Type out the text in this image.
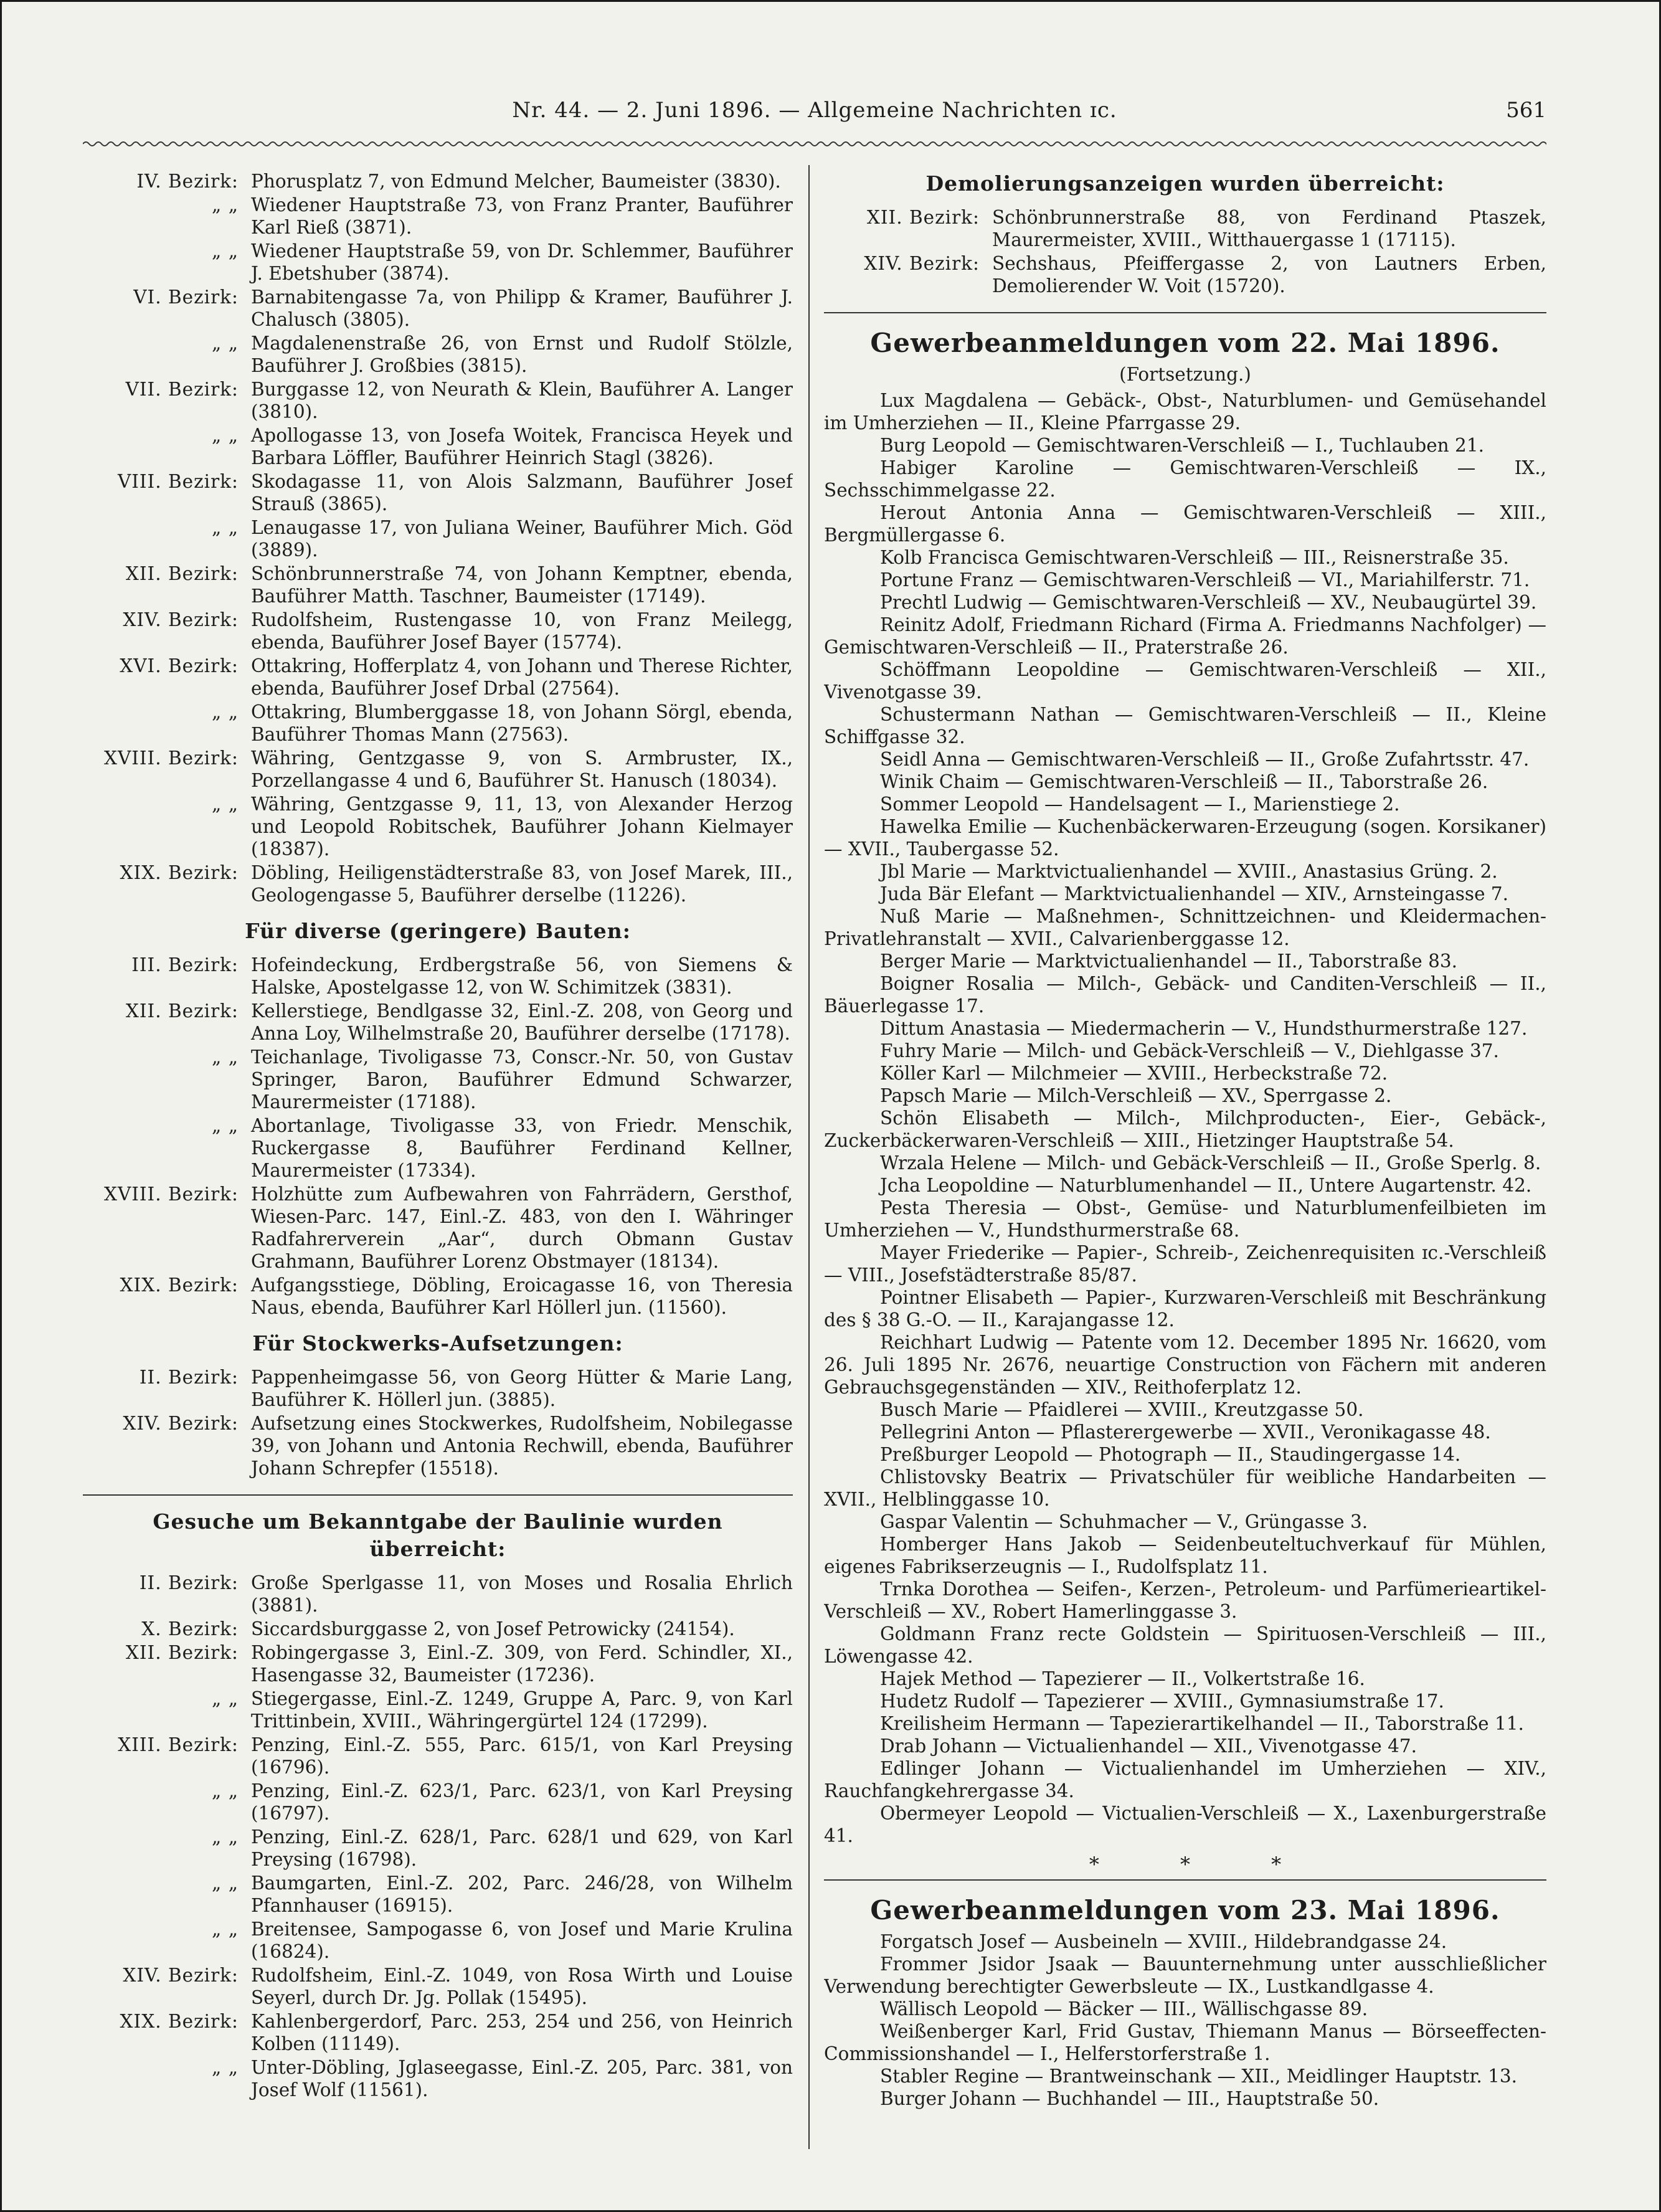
Nr. 44. — 2. Juni 1896. — Allgemeine Nachrichten ɪc.	561
IV. Bezirk: Phorusplatz 7, von Edmund Melcher, Baumeister (3830).
„ „ Wiedener Hauptstraße 73, von Franz Pranter, Bauführer Karl Rieß (3871).
„ „ Wiedener Hauptstraße 59, von Dr. Schlemmer, Bauführer J. Ebetshuber (3874).
VI. Bezirk: Barnabitengasse 7a, von Philipp & Kramer, Bauführer J. Chalusch (3805).
„ „ Magdalenenstraße 26, von Ernst und Rudolf Stölzle, Bauführer J. Großbies (3815).
VII. Bezirk: Burggasse 12, von Neurath & Klein, Bauführer A. Langer (3810).
„ „ Apollogasse 13, von Josefa Woitek, Francisca Heyek und Barbara Löffler, Bauführer Heinrich Stagl (3826).
VIII. Bezirk: Skodagasse 11, von Alois Salzmann, Bauführer Josef Strauß (3865).
„ „ Lenaugasse 17, von Juliana Weiner, Bauführer Mich. Göd (3889).
XII. Bezirk: Schönbrunnerstraße 74, von Johann Kemptner, ebenda, Bauführer Matth. Taschner, Baumeister (17149).
XIV. Bezirk: Rudolfsheim, Rustengasse 10, von Franz Meilegg, ebenda, Bauführer Josef Bayer (15774).
XVI. Bezirk: Ottakring, Hofferplatz 4, von Johann und Therese Richter, ebenda, Bauführer Josef Drbal (27564).
„ „ Ottakring, Blumberggasse 18, von Johann Sörgl, ebenda, Bauführer Thomas Mann (27563).
XVIII. Bezirk: Währing, Gentzgasse 9, von S. Armbruster, IX., Porzellangasse 4 und 6, Bauführer St. Hanusch (18034).
„ „ Währing, Gentzgasse 9, 11, 13, von Alexander Herzog und Leopold Robitschek, Bauführer Johann Kielmayer (18387).
XIX. Bezirk: Döbling, Heiligenstädterstraße 83, von Josef Marek, III., Geologengasse 5, Bauführer derselbe (11226).
Für diverse (geringere) Bauten:
III. Bezirk: Hofeindeckung, Erdbergstraße 56, von Siemens & Halske, Apostelgasse 12, von W. Schimitzek (3831).
XII. Bezirk: Kellerstiege, Bendlgasse 32, Einl.-Z. 208, von Georg und Anna Loy, Wilhelmstraße 20, Bauführer derselbe (17178).
„ „ Teichanlage, Tivoligasse 73, Conscr.-Nr. 50, von Gustav Springer, Baron, Bauführer Edmund Schwarzer, Maurermeister (17188).
„ „ Abortanlage, Tivoligasse 33, von Friedr. Menschik, Ruckergasse 8, Bauführer Ferdinand Kellner, Maurermeister (17334).
XVIII. Bezirk: Holzhütte zum Aufbewahren von Fahrrädern, Gersthof, Wiesen-Parc. 147, Einl.-Z. 483, von den I. Währinger Radfahrerverein „Aar“, durch Obmann Gustav Grahmann, Bauführer Lorenz Obstmayer (18134).
XIX. Bezirk: Aufgangsstiege, Döbling, Eroicagasse 16, von Theresia Naus, ebenda, Bauführer Karl Höllerl jun. (11560).
Für Stockwerks-Aufsetzungen:
II. Bezirk: Pappenheimgasse 56, von Georg Hütter & Marie Lang, Bauführer K. Höllerl jun. (3885).
XIV. Bezirk: Aufsetzung eines Stockwerkes, Rudolfsheim, Nobilegasse 39, von Johann und Antonia Rechwill, ebenda, Bauführer Johann Schrepfer (15518).
Gesuche um Bekanntgabe der Baulinie wurden überreicht:
II. Bezirk: Große Sperlgasse 11, von Moses und Rosalia Ehrlich (3881).
X. Bezirk: Siccardsburggasse 2, von Josef Petrowicky (24154).
XII. Bezirk: Robingergasse 3, Einl.-Z. 309, von Ferd. Schindler, XI., Hasengasse 32, Baumeister (17236).
„ „ Stiegergasse, Einl.-Z. 1249, Gruppe A, Parc. 9, von Karl Trittinbein, XVIII., Währingergürtel 124 (17299).
XIII. Bezirk: Penzing, Einl.-Z. 555, Parc. 615/1, von Karl Preysing (16796).
„ „ Penzing, Einl.-Z. 623/1, Parc. 623/1, von Karl Preysing (16797).
„ „ Penzing, Einl.-Z. 628/1, Parc. 628/1 und 629, von Karl Preysing (16798).
„ „ Baumgarten, Einl.-Z. 202, Parc. 246/28, von Wilhelm Pfannhauser (16915).
„ „ Breitensee, Sampogasse 6, von Josef und Marie Krulina (16824).
XIV. Bezirk: Rudolfsheim, Einl.-Z. 1049, von Rosa Wirth und Louise Seyerl, durch Dr. Jg. Pollak (15495).
XIX. Bezirk: Kahlenbergerdorf, Parc. 253, 254 und 256, von Heinrich Kolben (11149).
„ „ Unter-Döbling, Jglaseegasse, Einl.-Z. 205, Parc. 381, von Josef Wolf (11561).
Demolierungsanzeigen wurden überreicht:
XII. Bezirk: Schönbrunnerstraße 88, von Ferdinand Ptaszek, Maurermeister, XVIII., Witthauergasse 1 (17115).
XIV. Bezirk: Sechshaus, Pfeiffergasse 2, von Lautners Erben, Demolierender W. Voit (15720).
Gewerbeanmeldungen vom 22. Mai 1896.
(Fortsetzung.)

Lux Magdalena — Gebäck-, Obst-, Naturblumen- und Gemüsehandel im Umherziehen — II., Kleine Pfarrgasse 29.

Burg Leopold — Gemischtwaren-Verschleiß — I., Tuchlauben 21.

Habiger Karoline — Gemischtwaren-Verschleiß — IX., Sechsschimmelgasse 22.

Herout Antonia Anna — Gemischtwaren-Verschleiß — XIII., Bergmüllergasse 6.

Kolb Francisca Gemischtwaren-Verschleiß — III., Reisnerstraße 35.

Portune Franz — Gemischtwaren-Verschleiß — VI., Mariahilferstr. 71.

Prechtl Ludwig — Gemischtwaren-Verschleiß — XV., Neubaugürtel 39.

Reinitz Adolf, Friedmann Richard (Firma A. Friedmanns Nachfolger) — Gemischtwaren-Verschleiß — II., Praterstraße 26.

Schöffmann Leopoldine — Gemischtwaren-Verschleiß — XII., Vivenotgasse 39.

Schustermann Nathan — Gemischtwaren-Verschleiß — II., Kleine Schiffgasse 32.

Seidl Anna — Gemischtwaren-Verschleiß — II., Große Zufahrtsstr. 47.

Winik Chaim — Gemischtwaren-Verschleiß — II., Taborstraße 26.

Sommer Leopold — Handelsagent — I., Marienstiege 2.

Hawelka Emilie — Kuchenbäckerwaren-Erzeugung (sogen. Korsikaner) — XVII., Taubergasse 52.

Jbl Marie — Marktvictualienhandel — XVIII., Anastasius Grüng. 2.

Juda Bär Elefant — Marktvictualienhandel — XIV., Arnsteingasse 7.

Nuß Marie — Maßnehmen-, Schnittzeichnen- und Kleidermachen-Privatlehranstalt — XVII., Calvarienberggasse 12.

Berger Marie — Marktvictualienhandel — II., Taborstraße 83.

Boigner Rosalia — Milch-, Gebäck- und Canditen-Verschleiß — II., Bäuerlegasse 17.

Dittum Anastasia — Miedermacherin — V., Hundsthurmerstraße 127.

Fuhry Marie — Milch- und Gebäck-Verschleiß — V., Diehlgasse 37.

Köller Karl — Milchmeier — XVIII., Herbeckstraße 72.

Papsch Marie — Milch-Verschleiß — XV., Sperrgasse 2.

Schön Elisabeth — Milch-, Milchproducten-, Eier-, Gebäck-, Zuckerbäckerwaren-Verschleiß — XIII., Hietzinger Hauptstraße 54.

Wrzala Helene — Milch- und Gebäck-Verschleiß — II., Große Sperlg. 8.

Jcha Leopoldine — Naturblumenhandel — II., Untere Augartenstr. 42.

Pesta Theresia — Obst-, Gemüse- und Naturblumenfeilbieten im Umherziehen — V., Hundsthurmerstraße 68.

Mayer Friederike — Papier-, Schreib-, Zeichenrequisiten ɪc.-Verschleiß — VIII., Josefstädterstraße 85/87.

Pointner Elisabeth — Papier-, Kurzwaren-Verschleiß mit Beschränkung des § 38 G.-O. — II., Karajangasse 12.

Reichhart Ludwig — Patente vom 12. December 1895 Nr. 16620, vom 26. Juli 1895 Nr. 2676, neuartige Construction von Fächern mit anderen Gebrauchsgegenständen — XIV., Reithoferplatz 12.

Busch Marie — Pfaidlerei — XVIII., Kreutzgasse 50.

Pellegrini Anton — Pflasterergewerbe — XVII., Veronikagasse 48.

Preßburger Leopold — Photograph — II., Staudingergasse 14.

Chlistovsky Beatrix — Privatschüler für weibliche Handarbeiten — XVII., Helblinggasse 10.

Gaspar Valentin — Schuhmacher — V., Grüngasse 3.

Homberger Hans Jakob — Seidenbeuteltuchverkauf für Mühlen, eigenes Fabrikserzeugnis — I., Rudolfsplatz 11.

Trnka Dorothea — Seifen-, Kerzen-, Petroleum- und Parfümerieartikel-Verschleiß — XV., Robert Hamerlinggasse 3.

Goldmann Franz recte Goldstein — Spirituosen-Verschleiß — III., Löwengasse 42.

Hajek Method — Tapezierer — II., Volkertstraße 16.

Hudetz Rudolf — Tapezierer — XVIII., Gymnasiumstraße 17.

Kreilisheim Hermann — Tapezierartikelhandel — II., Taborstraße 11.

Drab Johann — Victualienhandel — XII., Vivenotgasse 47.

Edlinger Johann — Victualienhandel im Umherziehen — XIV., Rauchfangkehrergasse 34.

Obermeyer Leopold — Victualien-Verschleiß — X., Laxenburgerstraße 41.

* * *
Gewerbeanmeldungen vom 23. Mai 1896.

Forgatsch Josef — Ausbeineln — XVIII., Hildebrandgasse 24.

Frommer Jsidor Jsaak — Bauunternehmung unter ausschließlicher Verwendung berechtigter Gewerbsleute — IX., Lustkandlgasse 4.

Wällisch Leopold — Bäcker — III., Wällischgasse 89.

Weißenberger Karl, Frid Gustav, Thiemann Manus — Börseeffecten-Commissionshandel — I., Helferstorferstraße 1.

Stabler Regine — Brantweinschank — XII., Meidlinger Hauptstr. 13.

Burger Johann — Buchhandel — III., Hauptstraße 50.
